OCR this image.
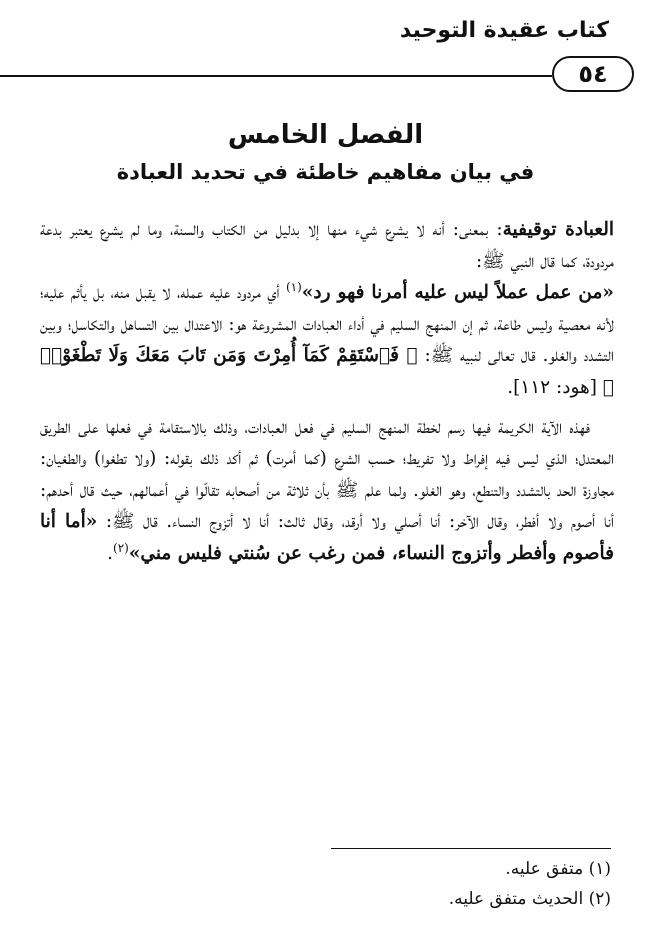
كتاب عقيدة التوحيد
٥٤
الفصل الخامس
في بيان مفاهيم خاطئة في تحديد العبادة

العبادة توقيفية: بمعنى: أنه لا يشرع شيء منها إلا بدليل من الكتاب والسنة، وما لم يشرع يعتبر بدعة مردودة، كما قال النبي ﷺ:
«من عمل عملاً ليس عليه أمرنا فهو رد»$^{(١)}$ أي مردود عليه عمله، لا يقبل منه، بل يأثم عليه؛ لأنه معصية وليس طاعة، ثم إن المنهج السليم في أداء العبادات المشروعة هو: الاعتدال بين التساهل والتكاسل؛ وبين التشدد والغلو. قال تعالى لنبيه ﷺ: ﴿ فَٱسْتَقِمْ كَمَآ أُمِرْتَ وَمَن تَابَ مَعَكَ وَلَا تَطْغَوْا۟ ﴾ [هود: ١١٢].

فهذه الآية الكريمة فيها رسم لخطة المنهج السليم في فعل العبادات، وذلك بالاستقامة في فعلها على الطريق المعتدل؛ الذي ليس فيه إفراط ولا تفريط؛ حسب الشرع (كما أمرت) ثم أكد ذلك بقوله: (ولا تطغوا) والطغيان: مجاوزة الحد بالتشدد والتنطع، وهو الغلو. ولما علم ﷺ بأن ثلاثة من أصحابه تقالّوا في أعمالهم، حيث قال أحدهم: أنا أصوم ولا أفطر، وقال الآخر: أنا أصلي ولا أرقد، وقال ثالث: أنا لا أتزوج النساء. قال ﷺ: «أما أنا فأصوم وأفطر وأتزوج النساء، فمن رغب عن سُنتي فليس مني»$^{(٢)}$.

(١) متفق عليه.
(٢) الحديث متفق عليه.
